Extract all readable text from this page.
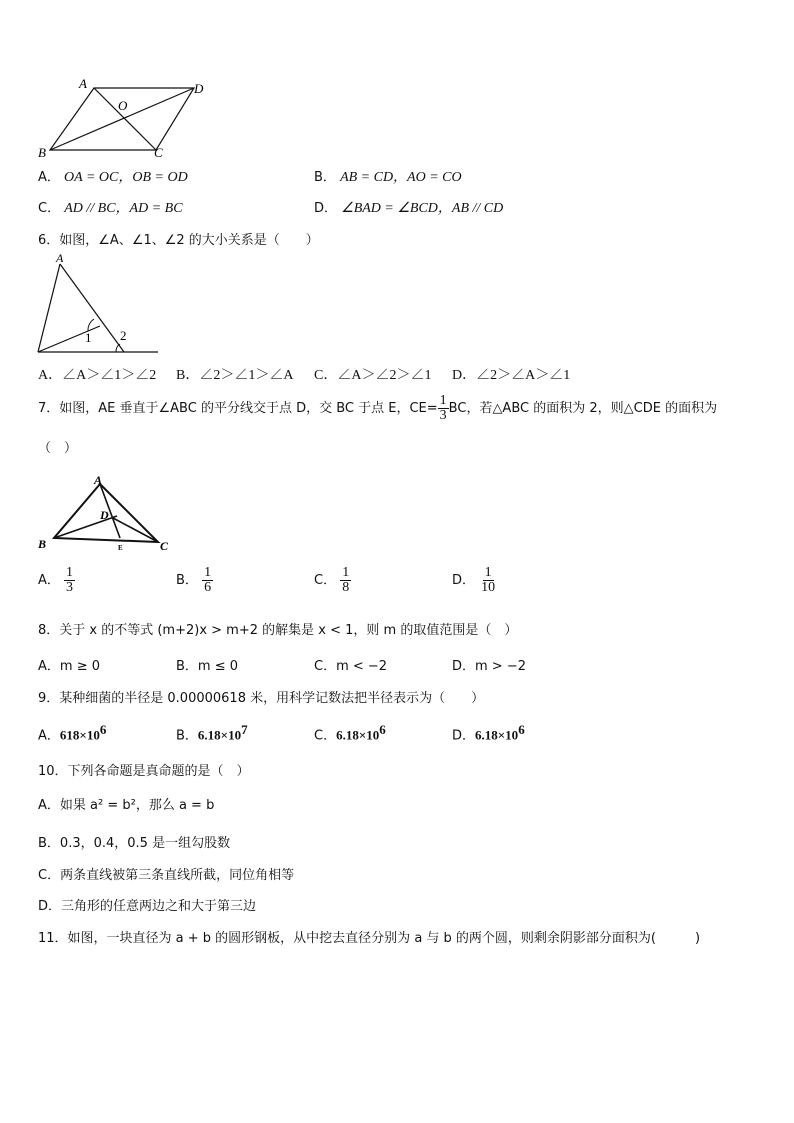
A	D
O
B	C
A． OA = OC，OB = OD	B． AB = CD，AO = CO
C． AD // BC，AD = BC	D． ∠BAD = ∠BCD，AB // CD
6．如图，∠A、∠1、∠2 的大小关系是（　　）
A
1 2
A．∠A＞∠1＞∠2 B．∠2＞∠1＞∠A C．∠A＞∠2＞∠1 D．∠2＞∠A＞∠1
7．如图，AE 垂直于∠ABC 的平分线交于点 D，交 BC 于点 E，$CE= \frac{1}{3}$ BC，若△ABC 的面积为 2，则△CDE 的面积为
（　）
A
D
B	E	C
A． $\frac{1}{3}$	B． $\frac{1}{6}$	C． $\frac{1}{8}$	D． $\frac{1}{10}$
8．关于 x 的不等式 (m+2)x > m+2 的解集是 x < 1，则 m 的取值范围是（　）
A．m ≥ 0	B．m ≤ 0	C．m < −2	D．m > −2
9．某种细菌的半径是 0.00000618 米，用科学记数法把半径表示为（　　）
A．$618\times 10^6$	B．$6.18\times 10^7$	C．$6.18\times 10^6$	D．$6.18\times 10^6$
10．下列各命题是真命题的是（　）
A．如果 a² = b²，那么 a = b
B．0.3，0.4，0.5 是一组勾股数
C．两条直线被第三条直线所截，同位角相等
D．三角形的任意两边之和大于第三边
11．如图，一块直径为 a + b 的圆形钢板，从中挖去直径分别为 a 与 b 的两个圆，则剩余阴影部分面积为(　　　)
